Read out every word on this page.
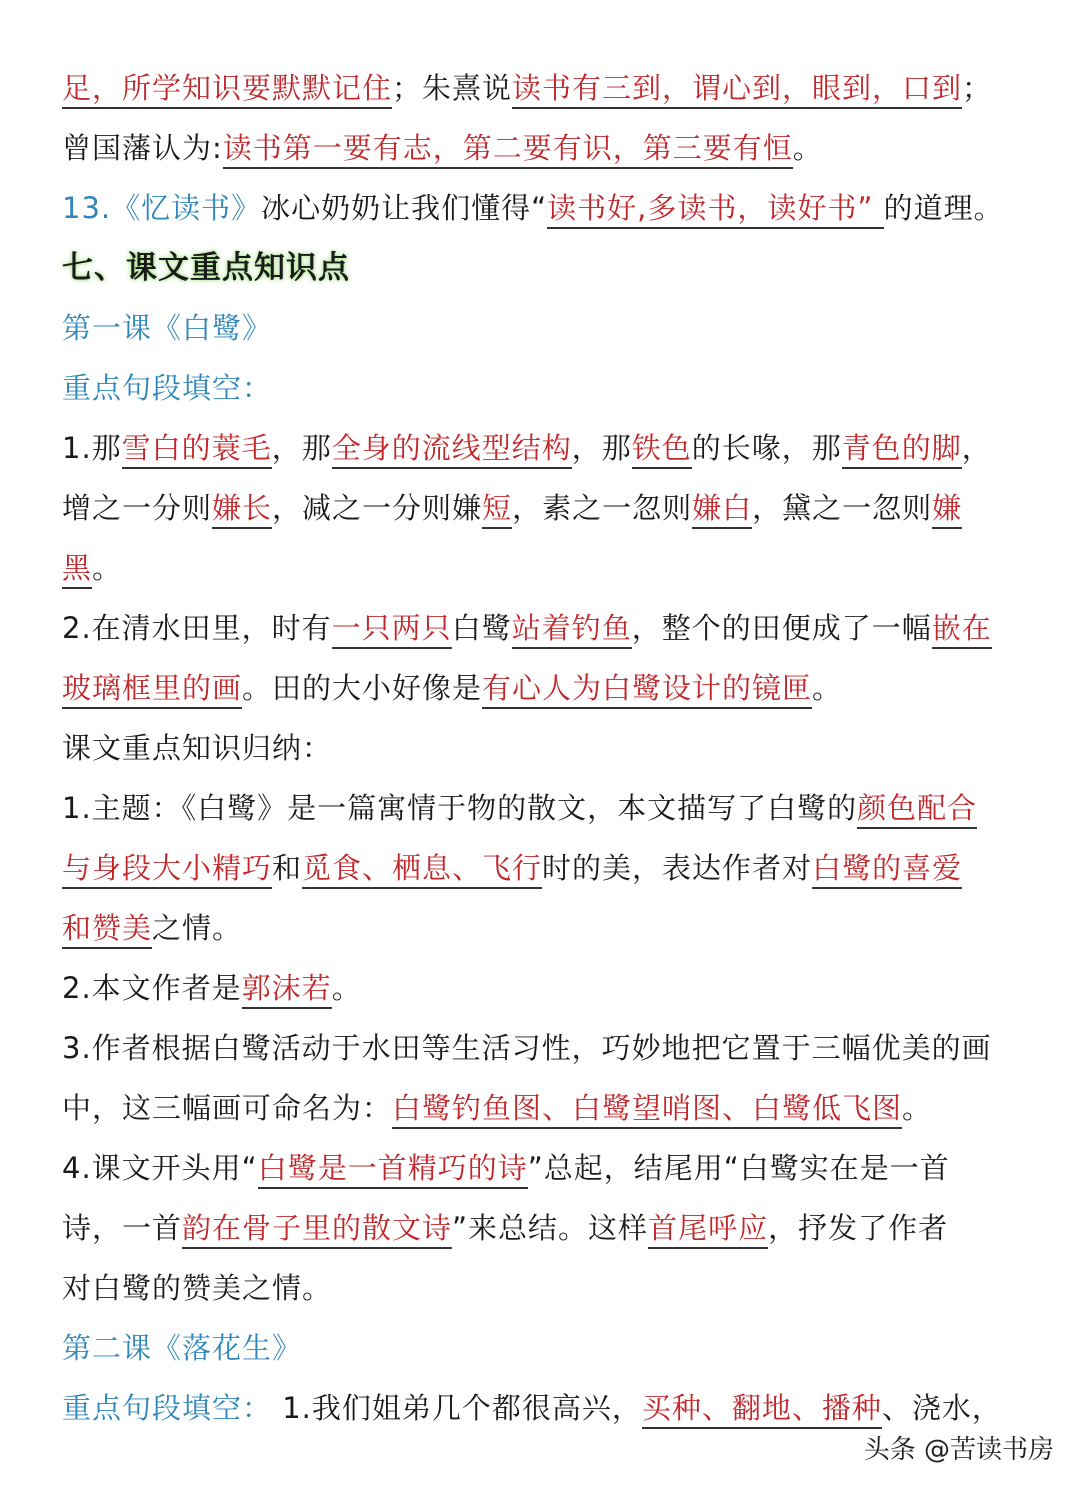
足，所学知识要默默记住；朱熹说读书有三到，谓心到，眼到，口到；
曾国藩认为:读书第一要有志，第二要有识，第三要有恒。
13.《忆读书》冰心奶奶让我们懂得“读书好,多读书，读好书” 的道理。
七、课文重点知识点
第一课《白鹭》
重点句段填空：
1.那雪白的蓑毛，那全身的流线型结构，那铁色的长喙，那青色的脚，
增之一分则嫌长，减之一分则嫌短，素之一忽则嫌白，黛之一忽则嫌
黑。
2.在清水田里，时有一只两只白鹭站着钓鱼，整个的田便成了一幅嵌在
玻璃框里的画。田的大小好像是有心人为白鹭设计的镜匣。
课文重点知识归纳：
1.主题：《白鹭》是一篇寓情于物的散文，本文描写了白鹭的颜色配合
与身段大小精巧和觅食、栖息、飞行时的美，表达作者对白鹭的喜爱
和赞美之情。
2.本文作者是郭沫若。
3.作者根据白鹭活动于水田等生活习性，巧妙地把它置于三幅优美的画
中，这三幅画可命名为：白鹭钓鱼图、白鹭望哨图、白鹭低飞图。
4.课文开头用“白鹭是一首精巧的诗”总起，结尾用“白鹭实在是一首
诗，一首韵在骨子里的散文诗”来总结。这样首尾呼应，抒发了作者
对白鹭的赞美之情。
第二课《落花生》
重点句段填空： 1.我们姐弟几个都很高兴，买种、翻地、播种、浇水，
头条 @苦读书房
